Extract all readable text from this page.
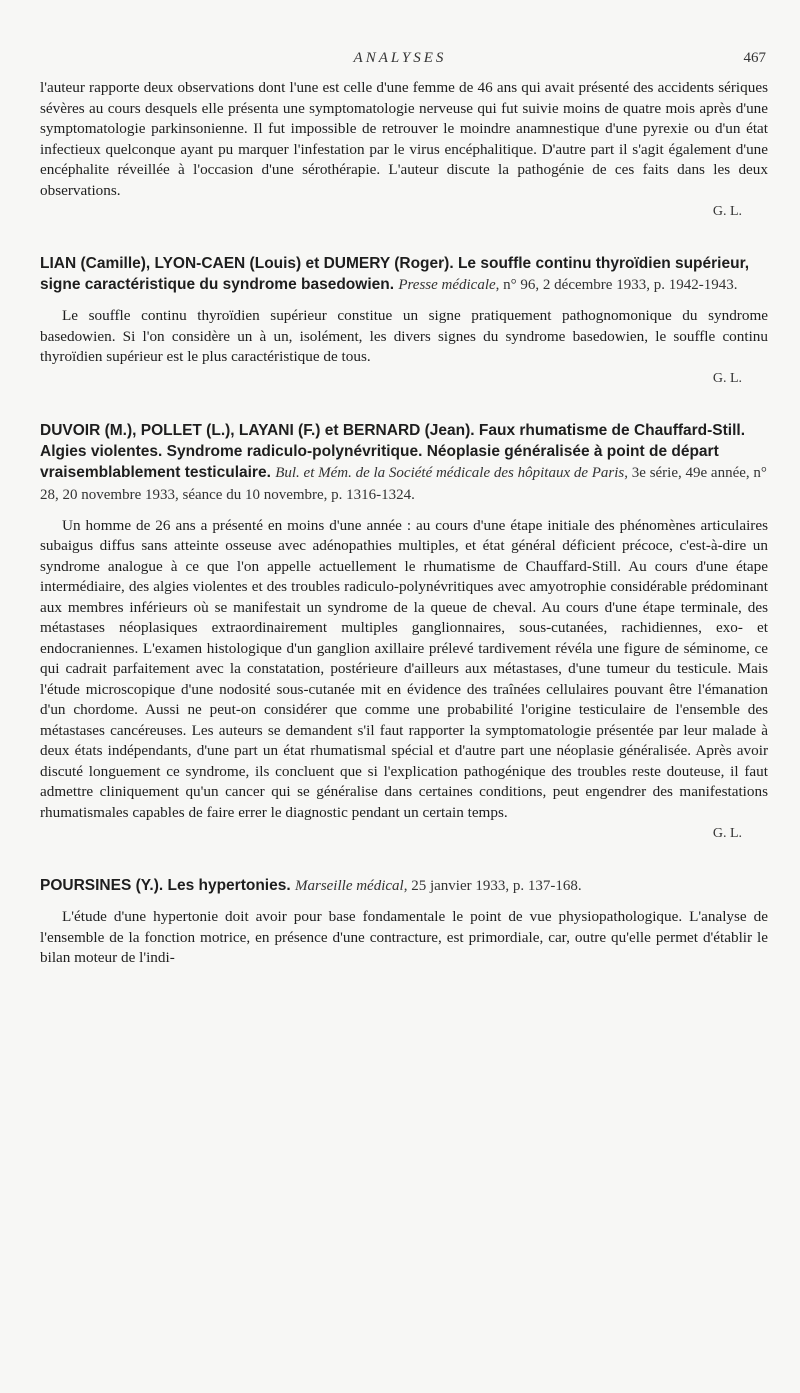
ANALYSES	467

l'auteur rapporte deux observations dont l'une est celle d'une femme de 46 ans qui avait présenté des accidents sériques sévères au cours desquels elle présenta une symptomatologie nerveuse qui fut suivie moins de quatre mois après d'une symptomatologie parkinsonienne. Il fut impossible de retrouver le moindre anamnestique d'une pyrexie ou d'un état infectieux quelconque ayant pu marquer l'infestation par le virus encéphalitique. D'autre part il s'agit également d'une encéphalite réveillée à l'occasion d'une sérothérapie. L'auteur discute la pathogénie de ces faits dans les deux observations.

G. L.
LIAN (Camille), LYON-CAEN (Louis) et DUMERY (Roger). Le souffle continu thyroïdien supérieur, signe caractéristique du syndrome basedowien. Presse médicale, n° 96, 2 décembre 1933, p. 1942-1943.

Le souffle continu thyroïdien supérieur constitue un signe pratiquement pathognomonique du syndrome basedowien. Si l'on considère un à un, isolément, les divers signes du syndrome basedowien, le souffle continu thyroïdien supérieur est le plus caractéristique de tous.

G. L.
DUVOIR (M.), POLLET (L.), LAYANI (F.) et BERNARD (Jean). Faux rhumatisme de Chauffard-Still. Algies violentes. Syndrome radiculo-polynévritique. Néoplasie généralisée à point de départ vraisemblablement testiculaire. Bul. et Mém. de la Société médicale des hôpitaux de Paris, 3e série, 49e année, n° 28, 20 novembre 1933, séance du 10 novembre, p. 1316-1324.

Un homme de 26 ans a présenté en moins d'une année : au cours d'une étape initiale des phénomènes articulaires subaigus diffus sans atteinte osseuse avec adénopathies multiples, et état général déficient précoce, c'est-à-dire un syndrome analogue à ce que l'on appelle actuellement le rhumatisme de Chauffard-Still. Au cours d'une étape intermédiaire, des algies violentes et des troubles radiculo-polynévritiques avec amyotrophie considérable prédominant aux membres inférieurs où se manifestait un syndrome de la queue de cheval. Au cours d'une étape terminale, des métastases néoplasiques extraordinairement multiples ganglionnaires, sous-cutanées, rachidiennes, exo- et endocraniennes. L'examen histologique d'un ganglion axillaire prélevé tardivement révéla une figure de séminome, ce qui cadrait parfaitement avec la constatation, postérieure d'ailleurs aux métastases, d'une tumeur du testicule. Mais l'étude microscopique d'une nodosité sous-cutanée mit en évidence des traînées cellulaires pouvant être l'émanation d'un chordome. Aussi ne peut-on considérer que comme une probabilité l'origine testiculaire de l'ensemble des métastases cancéreuses. Les auteurs se demandent s'il faut rapporter la symptomatologie présentée par leur malade à deux états indépendants, d'une part un état rhumatismal spécial et d'autre part une néoplasie généralisée. Après avoir discuté longuement ce syndrome, ils concluent que si l'explication pathogénique des troubles reste douteuse, il faut admettre cliniquement qu'un cancer qui se généralise dans certaines conditions, peut engendrer des manifestations rhumatismales capables de faire errer le diagnostic pendant un certain temps.

G. L.
POURSINES (Y.). Les hypertonies. Marseille médical, 25 janvier 1933, p. 137-168.

L'étude d'une hypertonie doit avoir pour base fondamentale le point de vue physiopathologique. L'analyse de l'ensemble de la fonction motrice, en présence d'une contracture, est primordiale, car, outre qu'elle permet d'établir le bilan moteur de l'indi-
